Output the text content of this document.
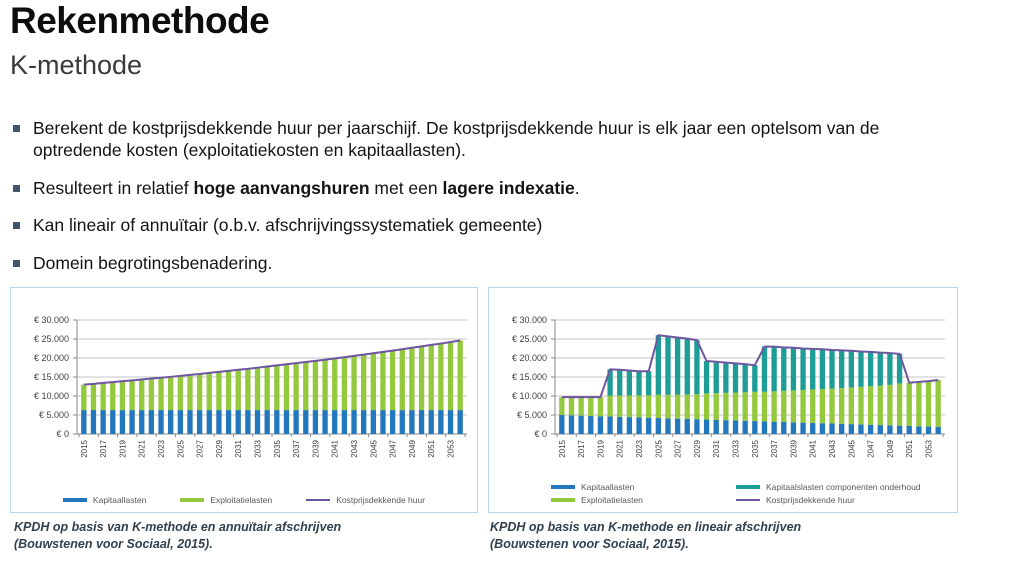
Rekenmethode
K-methode
Berekent de kostprijsdekkende huur per jaarschijf. De kostprijsdekkende huur is elk jaar een optelsom van de optredende kosten (exploitatiekosten en kapitaallasten).
Resulteert in relatief hoge aanvangshuren met een lagere indexatie.
Kan lineair of annuïtair (o.b.v. afschrijvingssystematiek gemeente)
Domein begrotingsbenadering.
€ 0
€ 5.000
€ 10.000
€ 15.000
€ 20.000
€ 25.000
€ 30.000
2015 2017 2019 2021 2023 2025 2027 2029 2031 2033 2035 2037 2039 2041 2043 2045 2047 2049 2051 2053
Kapitaallasten	Exploitatielasten	Kostprijsdekkende huur
€ 0
€ 5.000
€ 10.000
€ 15.000
€ 20.000
€ 25.000
€ 30.000
2015 2017 2019 2021 2023 2025 2027 2029 2031 2033 2035 2037 2039 2041 2043 2045 2047 2049 2051 2053
Kapitaallasten	Kapitaalslasten componenten onderhoud
Exploitatielasten	Kostprijsdekkende huur
KPDH op basis van K-methode en annuïtair afschrijven
(Bouwstenen voor Sociaal, 2015).
KPDH op basis van K-methode en lineair afschrijven
(Bouwstenen voor Sociaal, 2015).
